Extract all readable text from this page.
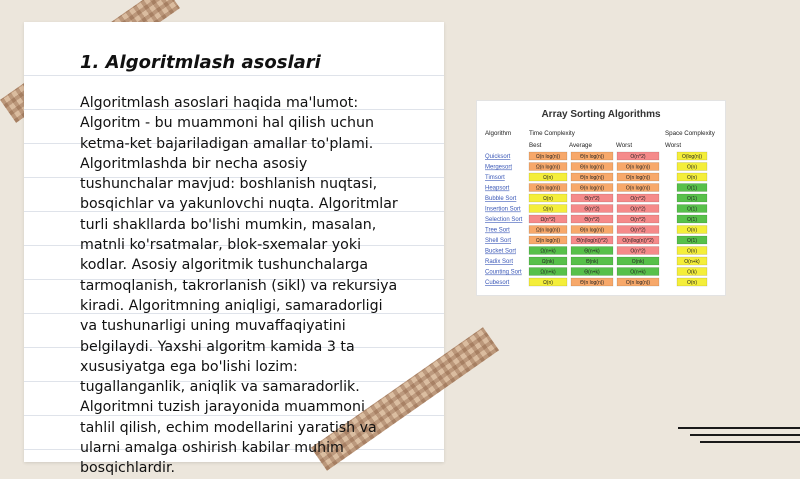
1. Algoritmlash asoslari

Algoritmlash asoslari haqida ma'lumot: Algoritm - bu muammoni hal qilish uchun ketma-ket bajariladigan amallar to'plami. Algoritmlashda bir necha asosiy tushunchalar mavjud: boshlanish nuqtasi, bosqichlar va yakunlovchi nuqta. Algoritmlar turli shakllarda bo'lishi mumkin, masalan, matnli ko'rsatmalar, blok-sxemalar yoki kodlar. Asosiy algoritmik tushunchalarga tarmoqlanish, takrorlanish (sikl) va rekursiya kiradi. Algoritmning aniqligi, samaradorligi va tushunarligi uning muvaffaqiyatini belgilaydi. Yaxshi algoritm kamida 3 ta xususiyatga ega bo'lishi lozim: tugallanganlik, aniqlik va samaradorlik. Algoritmni tuzish jarayonida muammoni tahlil qilish, echim modellarini yaratish va ularni amalga oshirish kabilar muhim bosqichlardir.

Array Sorting Algorithms
Algorithm	Time Complexity	Space Complexity
Best	Average	Worst	Worst
Quicksort	Ω(n log(n))	Θ(n log(n))	O(n^2)	O(log(n))
Mergesort	Ω(n log(n))	Θ(n log(n))	O(n log(n))	O(n)
Timsort	Ω(n)	Θ(n log(n))	O(n log(n))	O(n)
Heapsort	Ω(n log(n))	Θ(n log(n))	O(n log(n))	O(1)
Bubble Sort	Ω(n)	Θ(n^2)	O(n^2)	O(1)
Insertion Sort	Ω(n)	Θ(n^2)	O(n^2)	O(1)
Selection Sort	Ω(n^2)	Θ(n^2)	O(n^2)	O(1)
Tree Sort	Ω(n log(n))	Θ(n log(n))	O(n^2)	O(n)
Shell Sort	Ω(n log(n))	Θ(n(log(n))^2)	O(n(log(n))^2)	O(1)
Bucket Sort	Ω(n+k)	Θ(n+k)	O(n^2)	O(n)
Radix Sort	Ω(nk)	Θ(nk)	O(nk)	O(n+k)
Counting Sort	Ω(n+k)	Θ(n+k)	O(n+k)	O(k)
Cubesort	Ω(n)	Θ(n log(n))	O(n log(n))	O(n)
